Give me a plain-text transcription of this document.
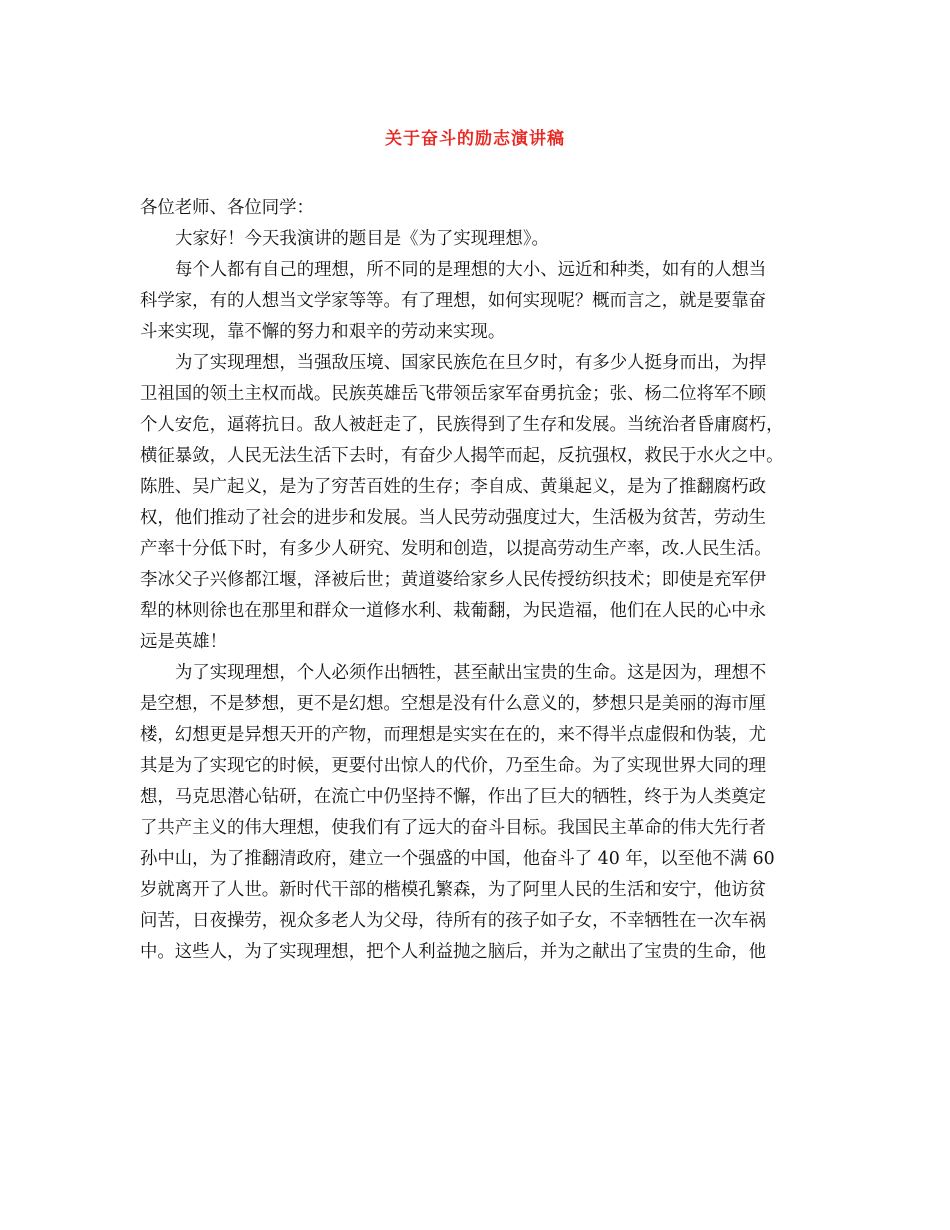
关于奋斗的励志演讲稿
各位老师、各位同学：
大家好！今天我演讲的题目是《为了实现理想》。
每个人都有自己的理想，所不同的是理想的大小、远近和种类，如有的人想当
科学家，有的人想当文学家等等。有了理想，如何实现呢？概而言之，就是要靠奋
斗来实现，靠不懈的努力和艰辛的劳动来实现。
为了实现理想，当强敌压境、国家民族危在旦夕时，有多少人挺身而出，为捍
卫祖国的领土主权而战。民族英雄岳飞带领岳家军奋勇抗金；张、杨二位将军不顾
个人安危，逼蒋抗日。敌人被赶走了，民族得到了生存和发展。当统治者昏庸腐朽，
横征暴敛，人民无法生活下去时，有奋少人揭竿而起，反抗强权，救民于水火之中。
陈胜、吴广起义，是为了穷苦百姓的生存；李自成、黄巢起义，是为了推翻腐朽政
权，他们推动了社会的进步和发展。当人民劳动强度过大，生活极为贫苦，劳动生
产率十分低下时，有多少人研究、发明和创造，以提高劳动生产率，改.人民生活。
李冰父子兴修都江堰，泽被后世；黄道婆给家乡人民传授纺织技术；即使是充军伊
犁的林则徐也在那里和群众一道修水利、栽葡翻，为民造福，他们在人民的心中永
远是英雄！
为了实现理想，个人必须作出牺牲，甚至献出宝贵的生命。这是因为，理想不
是空想，不是梦想，更不是幻想。空想是没有什么意义的，梦想只是美丽的海市厘
楼，幻想更是异想天开的产物，而理想是实实在在的，来不得半点虚假和伪装，尤
其是为了实现它的时候，更要付出惊人的代价，乃至生命。为了实现世界大同的理
想，马克思潜心钻研，在流亡中仍坚持不懈，作出了巨大的牺牲，终于为人类奠定
了共产主义的伟大理想，使我们有了远大的奋斗目标。我国民主革命的伟大先行者
孙中山，为了推翻清政府，建立一个强盛的中国，他奋斗了 40 年，以至他不满 60
岁就离开了人世。新时代干部的楷模孔繁森，为了阿里人民的生活和安宁，他访贫
问苦，日夜操劳，视众多老人为父母，待所有的孩子如子女，不幸牺牲在一次车祸
中。这些人，为了实现理想，把个人利益抛之脑后，并为之献出了宝贵的生命，他
